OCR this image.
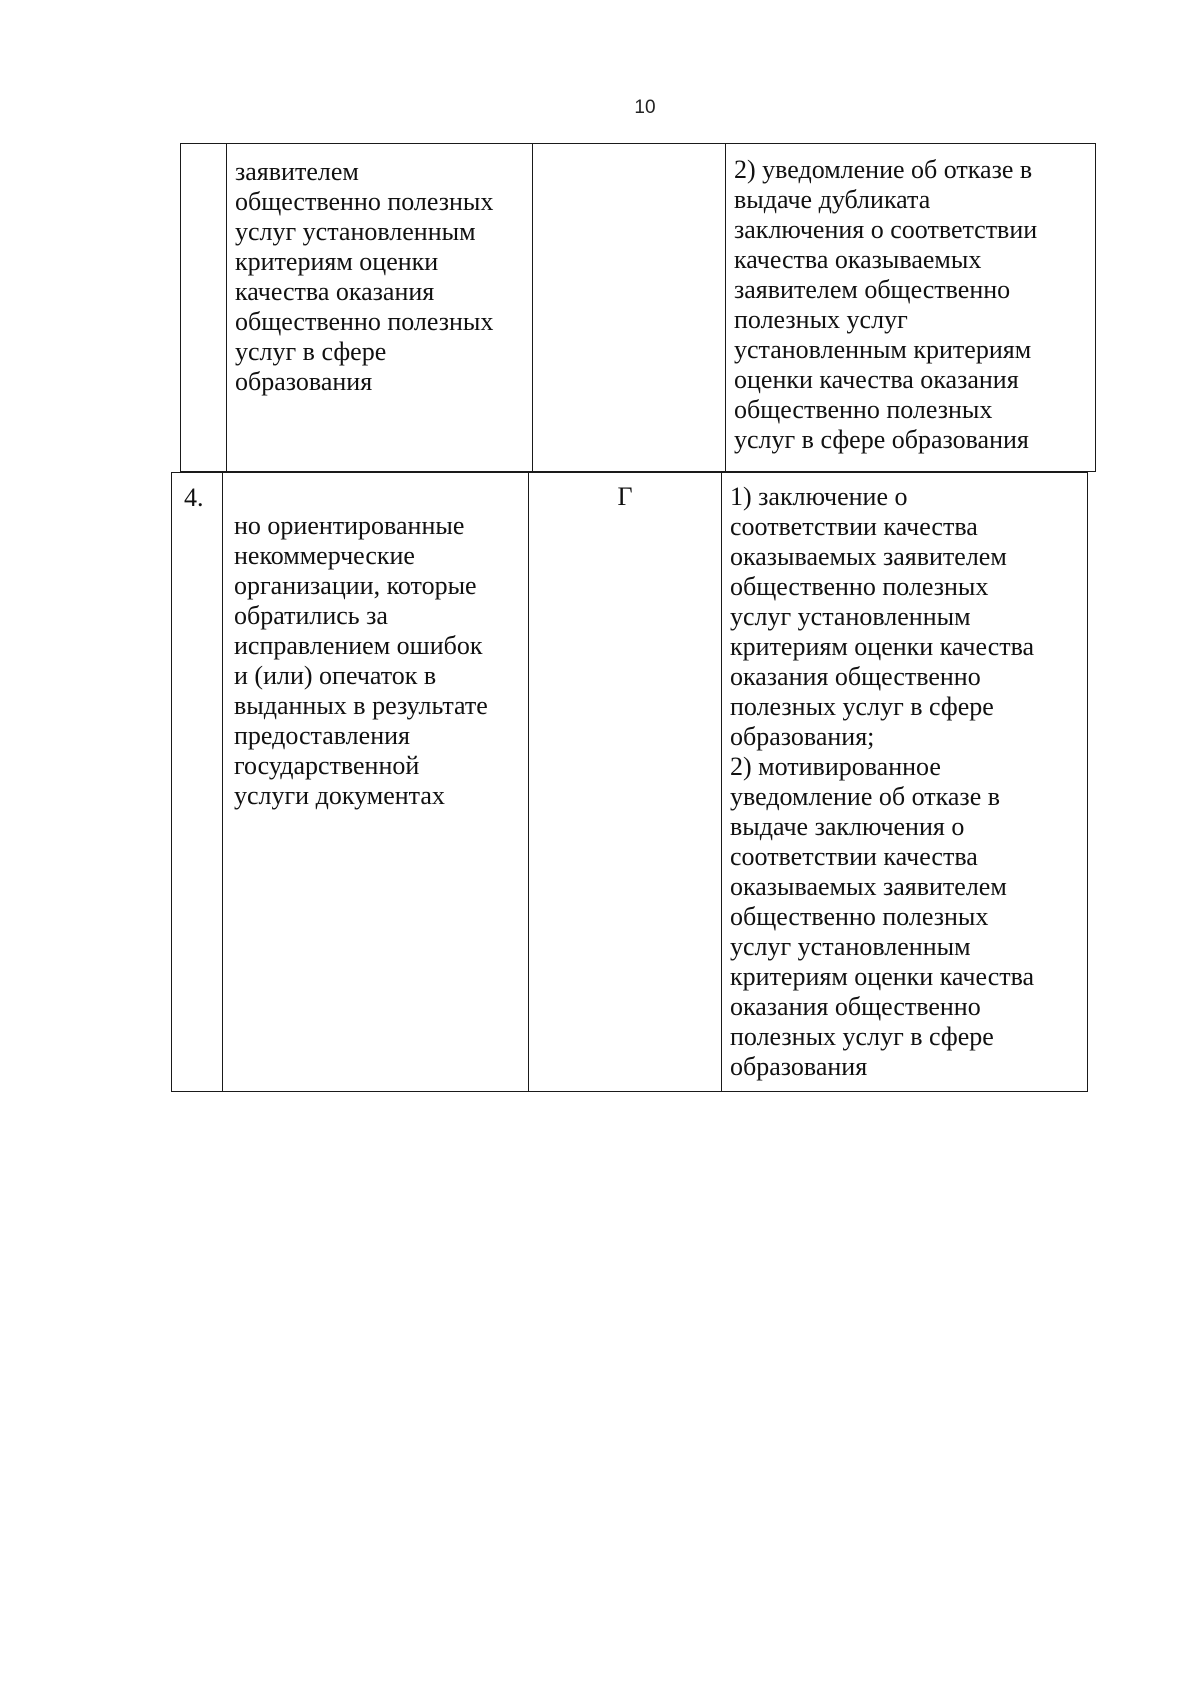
10
заявителем
общественно полезных
услуг установленным
критериям оценки
качества оказания
общественно полезных
услуг в сфере
образования
2) уведомление об отказе в
выдаче дубликата
заключения о соответствии
качества оказываемых
заявителем общественно
полезных услуг
установленным критериям
оценки качества оказания
общественно полезных
услуг в сфере образования
4.
но ориентированные
некоммерческие
организации, которые
обратились за
исправлением ошибок
и (или) опечаток в
выданных в результате
предоставления
государственной
услуги документах
Г	1) заключение о
соответствии качества
оказываемых заявителем
общественно полезных
услуг установленным
критериям оценки качества
оказания общественно
полезных услуг в сфере
образования;
2) мотивированное
уведомление об отказе в
выдаче заключения о
соответствии качества
оказываемых заявителем
общественно полезных
услуг установленным
критериям оценки качества
оказания общественно
полезных услуг в сфере
образования
